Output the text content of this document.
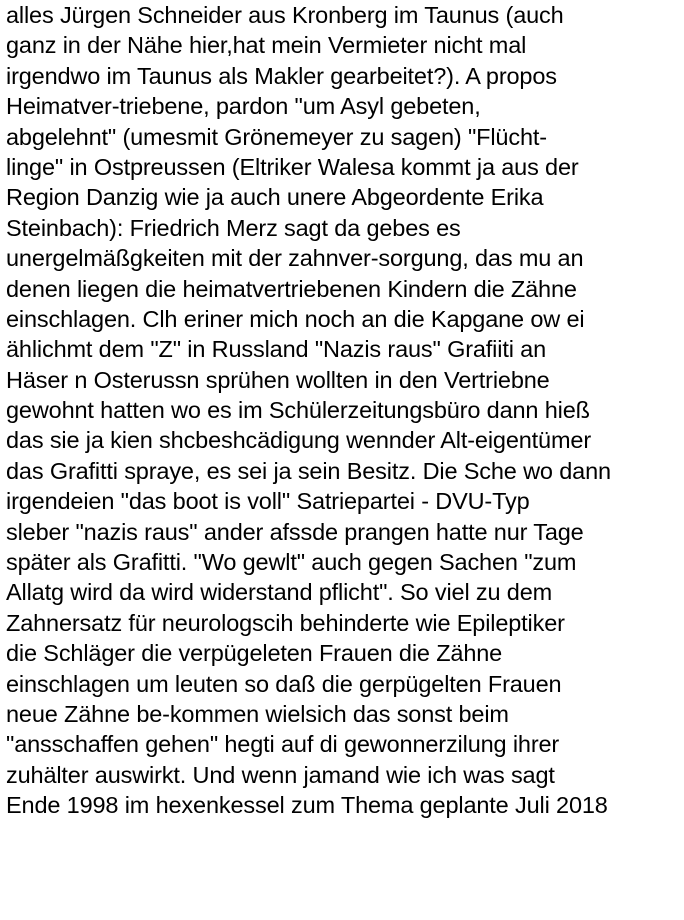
alles Jürgen Schneider aus Kronberg im Taunus (auch
ganz in der Nähe hier,hat mein Vermieter nicht mal
irgendwo im Taunus als Makler gearbeitet?). A propos
Heimatver-triebene, pardon "um Asyl gebeten,
abgelehnt" (umesmit Grönemeyer zu sagen) "Flücht-
linge" in Ostpreussen (Eltriker Walesa kommt ja aus der
Region Danzig wie ja auch unere Abgeordente Erika
Steinbach): Friedrich Merz sagt da gebes es
unergelmäßgkeiten mit der zahnver-sorgung, das mu an
denen liegen die heimatvertriebenen Kindern die Zähne
einschlagen. Clh eriner mich noch an die Kapgane ow ei
ählichmt dem "Z" in Russland "Nazis raus" Grafiiti an
Häser n Osterussn sprühen wollten in den Vertriebne
gewohnt hatten wo es im Schülerzeitungsbüro dann hieß
das sie ja kien shcbeshcädigung wennder Alt-eigentümer
das Grafitti spraye, es sei ja sein Besitz. Die Sche wo dann
irgendeien "das boot is voll" Satriepartei - DVU-Typ
sleber "nazis raus" ander afssde prangen hatte nur Tage
später als Grafitti. "Wo gewlt" auch gegen Sachen "zum
Allatg wird da wird widerstand pflicht". So viel zu dem
Zahnersatz für neurologscih behinderte wie Epileptiker
die Schläger die verpügeleten Frauen die Zähne
einschlagen um leuten so daß die gerpügelten Frauen
neue Zähne be-kommen wielsich das sonst beim
"ansschaffen gehen" hegti auf di gewonnerzilung ihrer
zuhälter auswirkt. Und wenn jamand wie ich was sagt
Ende 1998 im hexenkessel zum Thema geplante Juli 2018
